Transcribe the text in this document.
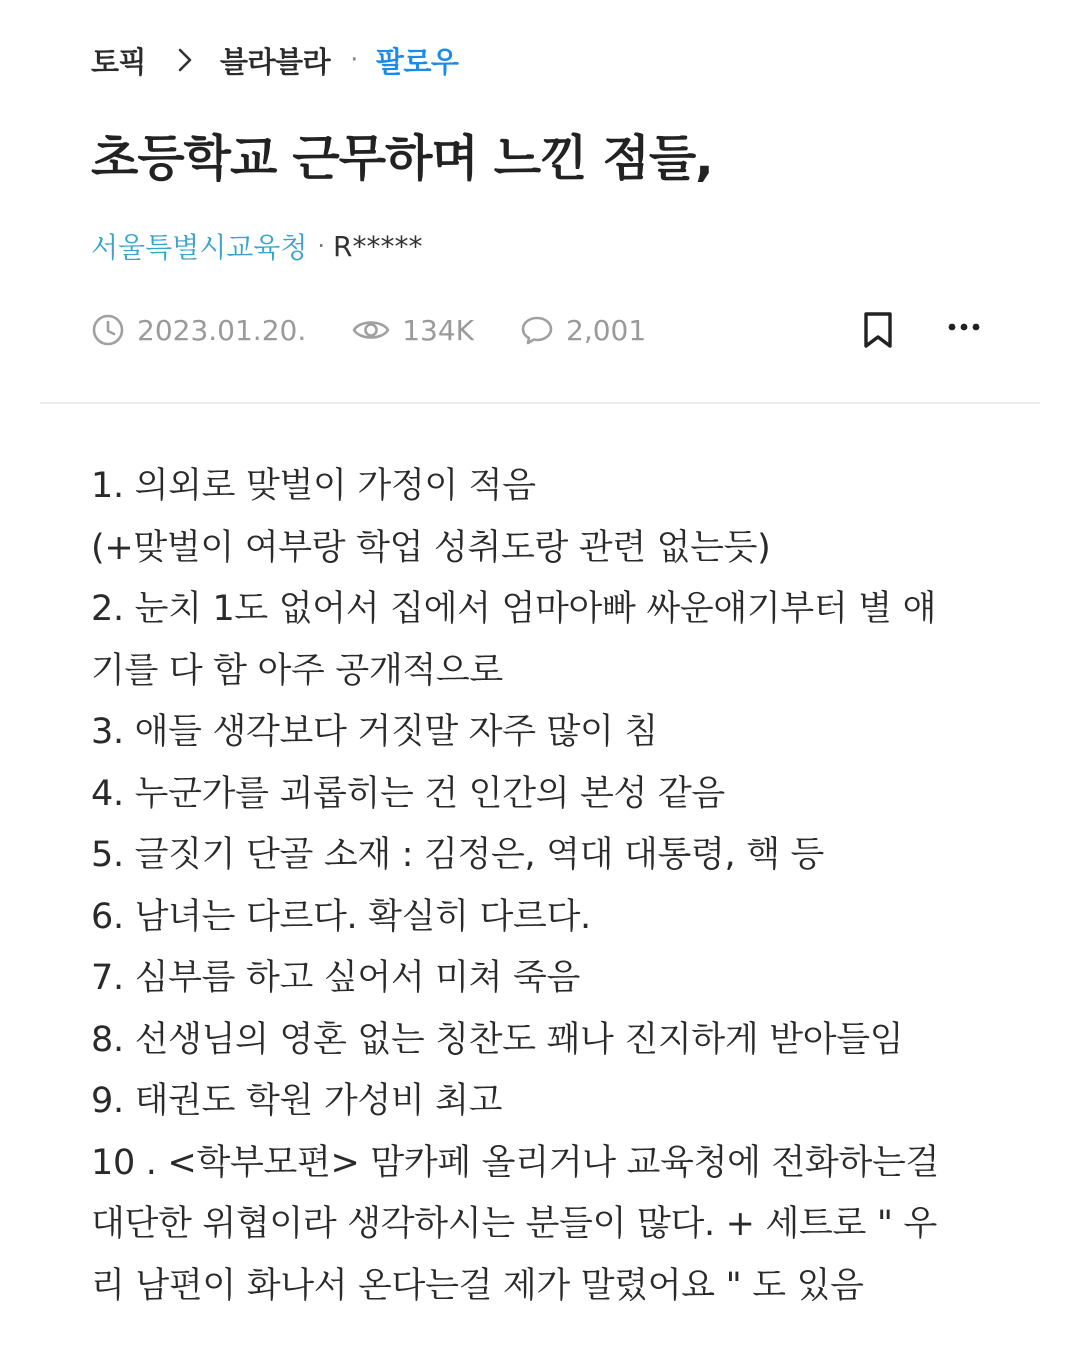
토픽	블라블라 · 팔로우
초등학교 근무하며 느낀 점들,
서울특별시교육청 · R*****
2023.01.20.	134K	2,001
1. 의외로 맞벌이 가정이 적음
(+맞벌이 여부랑 학업 성취도랑 관련 없는듯)
2. 눈치 1도 없어서 집에서 엄마아빠 싸운얘기부터 별 얘
기를 다 함 아주 공개적으로
3. 애들 생각보다 거짓말 자주 많이 침
4. 누군가를 괴롭히는 건 인간의 본성 같음
5. 글짓기 단골 소재 : 김정은, 역대 대통령, 핵 등
6. 남녀는 다르다. 확실히 다르다.
7. 심부름 하고 싶어서 미쳐 죽음
8. 선생님의 영혼 없는 칭찬도 꽤나 진지하게 받아들임
9. 태권도 학원 가성비 최고
10 . <학부모편> 맘카페 올리거나 교육청에 전화하는걸
대단한 위협이라 생각하시는 분들이 많다. + 세트로 " 우
리 남편이 화나서 온다는걸 제가 말렸어요 " 도 있음
